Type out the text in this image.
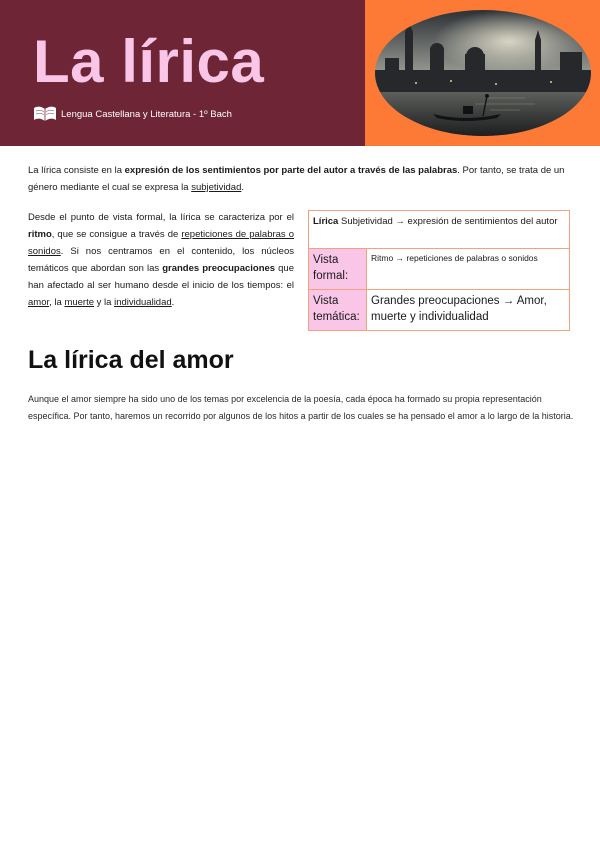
La lírica
Lengua Castellana y Literatura - 1º Bach

La lírica consiste en la expresión de los sentimientos por parte del autor a través de las palabras. Por tanto, se trata de un género mediante el cual se expresa la subjetividad.

Desde el punto de vista formal, la lírica se caracteriza por el ritmo, que se consigue a través de repeticiones de palabras o sonidos. Si nos centramos en el contenido, los núcleos temáticos que abordan son las grandes preocupaciones que han afectado al ser humano desde el inicio de los tiempos: el amor, la muerte y la individualidad.

Lírica Subjetividad → expresión de sentimientos del autor	
Vista formal:	Ritmo → repeticiones de palabras o sonidos
Vista temática:	Grandes preocupaciones → Amor, muerte y individualidad
La lírica del amor

Aunque el amor siempre ha sido uno de los temas por excelencia de la poesía, cada época ha formado su propia representación específica. Por tanto, haremos un recorrido por algunos de los hitos a partir de los cuales se ha pensado el amor a lo largo de la historia.
